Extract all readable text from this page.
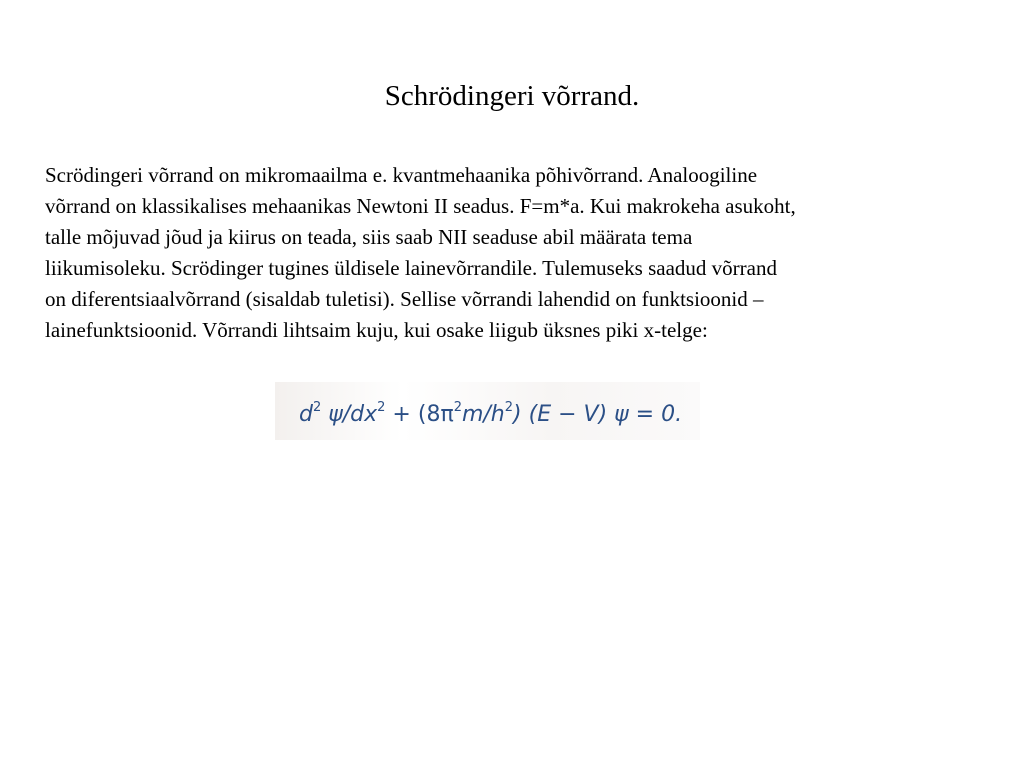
Schrödingeri võrrand.

Scrödingeri võrrand on mikromaailma e. kvantmehaanika põhivõrrand. Analoogiline
võrrand on klassikalises mehaanikas Newtoni II seadus. F=m*a. Kui makrokeha asukoht,
talle mõjuvad jõud ja kiirus on teada, siis saab NII seaduse abil määrata tema
liikumisoleku. Scrödinger tugines üldisele lainevõrrandile. Tulemuseks saadud võrrand
on diferentsiaalvõrrand (sisaldab tuletisi). Sellise võrrandi lahendid on funktsioonid –
lainefunktsioonid. Võrrandi lihtsaim kuju, kui osake liigub üksnes piki x-telge:

$d^2$ $\psi/dx^2 + (8\pi^2m/h^2) (E - V) \psi = 0$.
